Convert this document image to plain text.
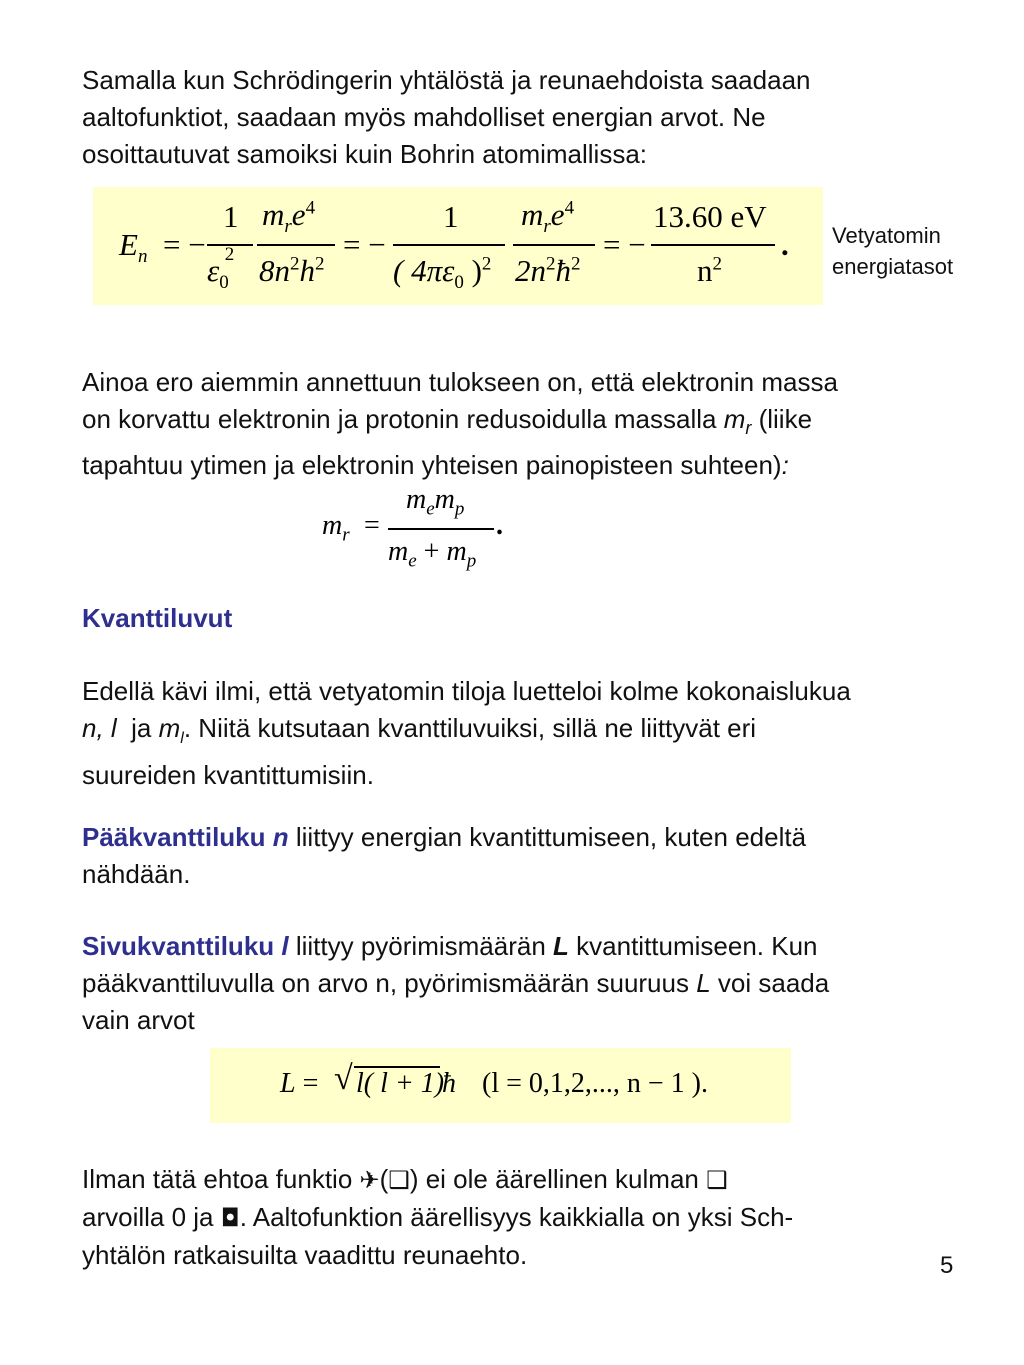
Samalla kun Schrödingerin yhtälöstä ja reunaehdoista saadaan
aaltofunktiot, saadaan myös mahdolliset energian arvot. Ne
osoittautuvat samoiksi kuin Bohrin atomimallissa:

$E_n$ = −
1
$\varepsilon_0^2$
$m_re^4$
$8n^2h^2$
= −
1
( $4\pi\varepsilon_0$ )$^2$
$m_re^4$
$2n^2ħ^2$
= −
13.60 eV
$n^2$
. Vetyatomin
energiatasot

Ainoa ero aiemmin annettuun tulokseen on, että elektronin massa
on korvattu elektronin ja protonin redusoidulla massalla $m_r$ (liike
tapahtuu ytimen ja elektronin yhteisen painopisteen suhteen):

$m_r$ =
$m_em_p$
$m_e + m_p$
.

Kvanttiluvut

Edellä kävi ilmi, että vetyatomin tiloja luetteloi kolme kokonaislukua
n, l  ja $m_l$. Niitä kutsutaan kvanttiluvuiksi, sillä ne liittyvät eri
suureiden kvantittumisiin.

Pääkvanttiluku n liittyy energian kvantittumiseen, kuten edeltä
nähdään.

Sivukvanttiluku l liittyy pyörimismäärän L kvantittumiseen. Kun
pääkvanttiluvulla on arvo n, pyörimismäärän suuruus L voi saada
vain arvot

L = √ l( l + 1)
ħ (l = 0,1,2,..., n − 1 ).

Ilman tätä ehtoa funktio ✈(❑) ei ole äärellinen kulman ❑
arvoilla 0 ja ◘. Aaltofunktion äärellisyys kaikkialla on yksi Sch-
yhtälön ratkaisuilta vaadittu reunaehto.	5
